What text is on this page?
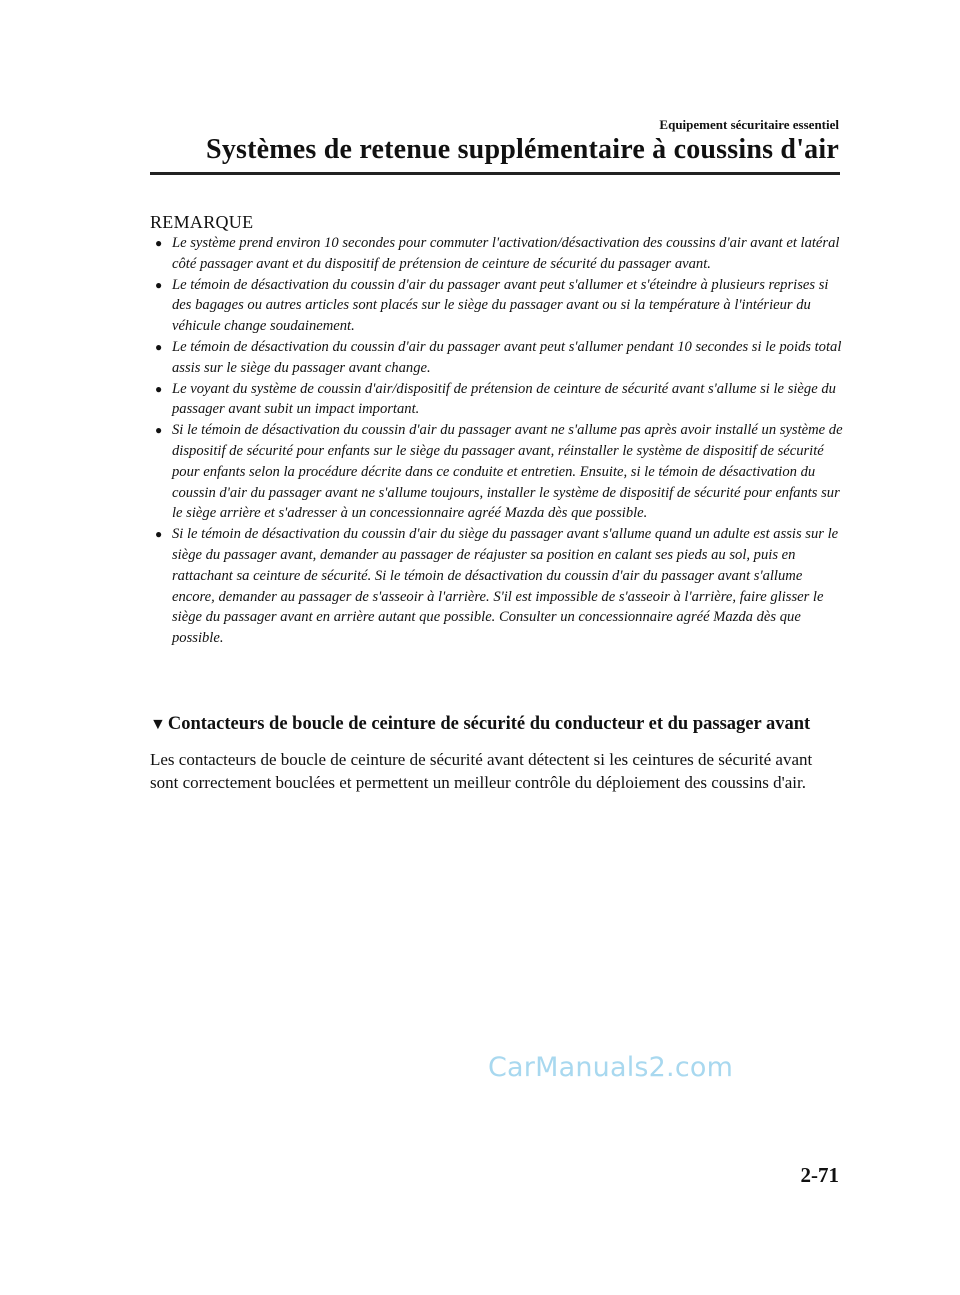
Equipement sécuritaire essentiel
Systèmes de retenue supplémentaire à coussins d'air
REMARQUE
● Le système prend environ 10 secondes pour commuter l'activation/désactivation des coussins d'air avant et latéral côté passager avant et du dispositif de prétension de ceinture de sécurité du passager avant.
● Le témoin de désactivation du coussin d'air du passager avant peut s'allumer et s'éteindre à plusieurs reprises si des bagages ou autres articles sont placés sur le siège du passager avant ou si la température à l'intérieur du véhicule change soudainement.
● Le témoin de désactivation du coussin d'air du passager avant peut s'allumer pendant 10 secondes si le poids total assis sur le siège du passager avant change.
● Le voyant du système de coussin d'air/dispositif de prétension de ceinture de sécurité avant s'allume si le siège du passager avant subit un impact important.
● Si le témoin de désactivation du coussin d'air du passager avant ne s'allume pas après avoir installé un système de dispositif de sécurité pour enfants sur le siège du passager avant, réinstaller le système de dispositif de sécurité pour enfants selon la procédure décrite dans ce conduite et entretien. Ensuite, si le témoin de désactivation du coussin d'air du passager avant ne s'allume toujours, installer le système de dispositif de sécurité pour enfants sur le siège arrière et s'adresser à un concessionnaire agréé Mazda dès que possible.
● Si le témoin de désactivation du coussin d'air du siège du passager avant s'allume quand un adulte est assis sur le siège du passager avant, demander au passager de réajuster sa position en calant ses pieds au sol, puis en rattachant sa ceinture de sécurité. Si le témoin de désactivation du coussin d'air du passager avant s'allume encore, demander au passager de s'asseoir à l'arrière. S'il est impossible de s'asseoir à l'arrière, faire glisser le siège du passager avant en arrière autant que possible. Consulter un concessionnaire agréé Mazda dès que possible.
▼ Contacteurs de boucle de ceinture de sécurité du conducteur et du passager avant

Les contacteurs de boucle de ceinture de sécurité avant détectent si les ceintures de sécurité avant sont correctement bouclées et permettent un meilleur contrôle du déploiement des coussins d'air.

CarManuals2.com
2-71
